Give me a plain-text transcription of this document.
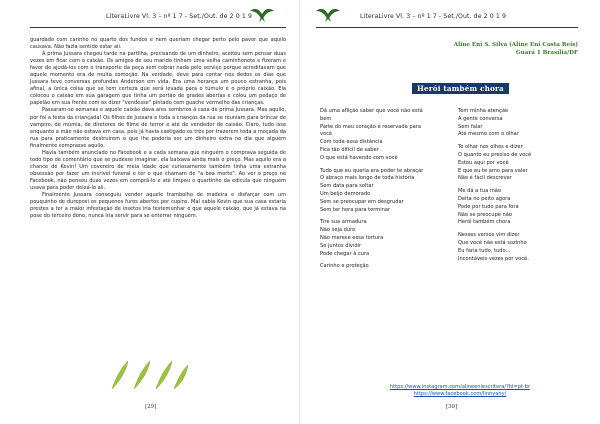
LiteraLivre Vl. 3 – nº 1 7 - Set./Out. de 2 0 1 9

guardado com carinho no quarto dos fundos e nem queriam chegar perto pelo pavor que aquilo causava. Não fazia sentido estar ali.

A prima Jussara chegou tarde na partilha, precisando de um dinheiro, aceitou sem pensar duas vezes em ficar com o caixão. Os amigos de seu marido tinham uma velha caminhonete e fizeram o favor de ajudá-los com o transporte da peça sem cobrar nada pelo serviço porque acreditavam que aquele momento era de muita comoção. Na verdade, deve para contar nos dedos os dias que Jussara teve conversas profundas Anderson em vida. Era uma herança um pouco estranha, pois afinal, a única coisa que se tem certeza que será levada para o túmulo é o próprio caixão. Ela colocou o caixão em sua garagem que tinha um portão de grades abertas e colou um pedaço de papelão em sua frente com os dizer "vendesse" pintado com guache vermelho das crianças.

Passaram-se semanas e aquele caixão dava ares sombrios à casa de prima Jussara. Mas aquilo, por foi a festa da criançada! Os filhos de Jussara e toda a crianças da rua se reuniam para brincar de vampiro, de múmia, de diretores de filme de terror e até de vendedor de caixão. Claro, tudo isso enquanto a mãe não estava em casa, pois já havia castigado os três por trazerem toda a moçada da rua para praticamente destruírem o que lhe poderia ser um dinheiro extra no dia que alguém finalmente comprasse aquilo.

Havia também anunciado no Facebook e a cada semana que ninguém o comprava seguida de todo tipo de comentário que se pudesse imaginar, ela baixava ainda mais o preço. Mas aquilo era a chance de Kevin! Um covereiro de meia idade que curiosamente também tinha uma estranha obsessão por fazer um incrível funeral e ter o que chamam de "a boa morte". Ao ver o preço no Facebook, não pensou duas vezes em comprá-lo e até limpou o quartinho da edícula que ninguém usava para poder deixá-lo ali.

Finalmente Jussara conseguiu vender aquele trambolho de madeira e disfarçar com um pouquinho de durepoxi os pequenos furos abertos por cupins. Mal sabia Kevin que sua casa estaria prestes a ter a maior infestação de insetos iria testemunhar e que aquele caixão, que já estava na pose do terceiro dono, nunca iria servir para se enterrar ninguém.

[29]
LiteraLivre Vl. 3 – nº 1 7 - Set./Out. de 2 0 1 9
Aline Eni S. Silva (Aline Eni Costa Reis)
Guará 1 Brasília/DF
Herói também chora
Dá uma aflição saber que você não está
bem
Parte do meu coração é reservada para
você
Com toda essa distância
Fica tão difícil de saber
O que está havendo com você
Tudo que eu queria era poder te abraçar
O abraço mais longo de toda história
Sem data para soltar
Um beijo demorado
Sem se preocupar em desgrudar
Sem ter hora para terminar
Tire sua armadura
Não seja duro
Não merece essa tortura
Se juntos dividir
Pode chegar à cura
Carinho e proteção
Tem minha atenção
A gente conversa
Sem falar
Até mesmo com o olhar
Te olhar nos olhos e dizer
O quanto eu preciso de você
Estou aqui por você
E que eu te amo para valer
Não é fácil descrever
Me dá a tua mão
Deita no peito agora
Pode por tudo para fora
Não se preocupe não
Herói também chora
Nesses versos vim dizer
Que você não está sozinho
Eu faria tudo, tudo...
Incontáveis vezes por você.
https://www.instagram.com/alineeniescritora/?hl=pt-br
https://www.facebook.com/linnyany/
[30]
